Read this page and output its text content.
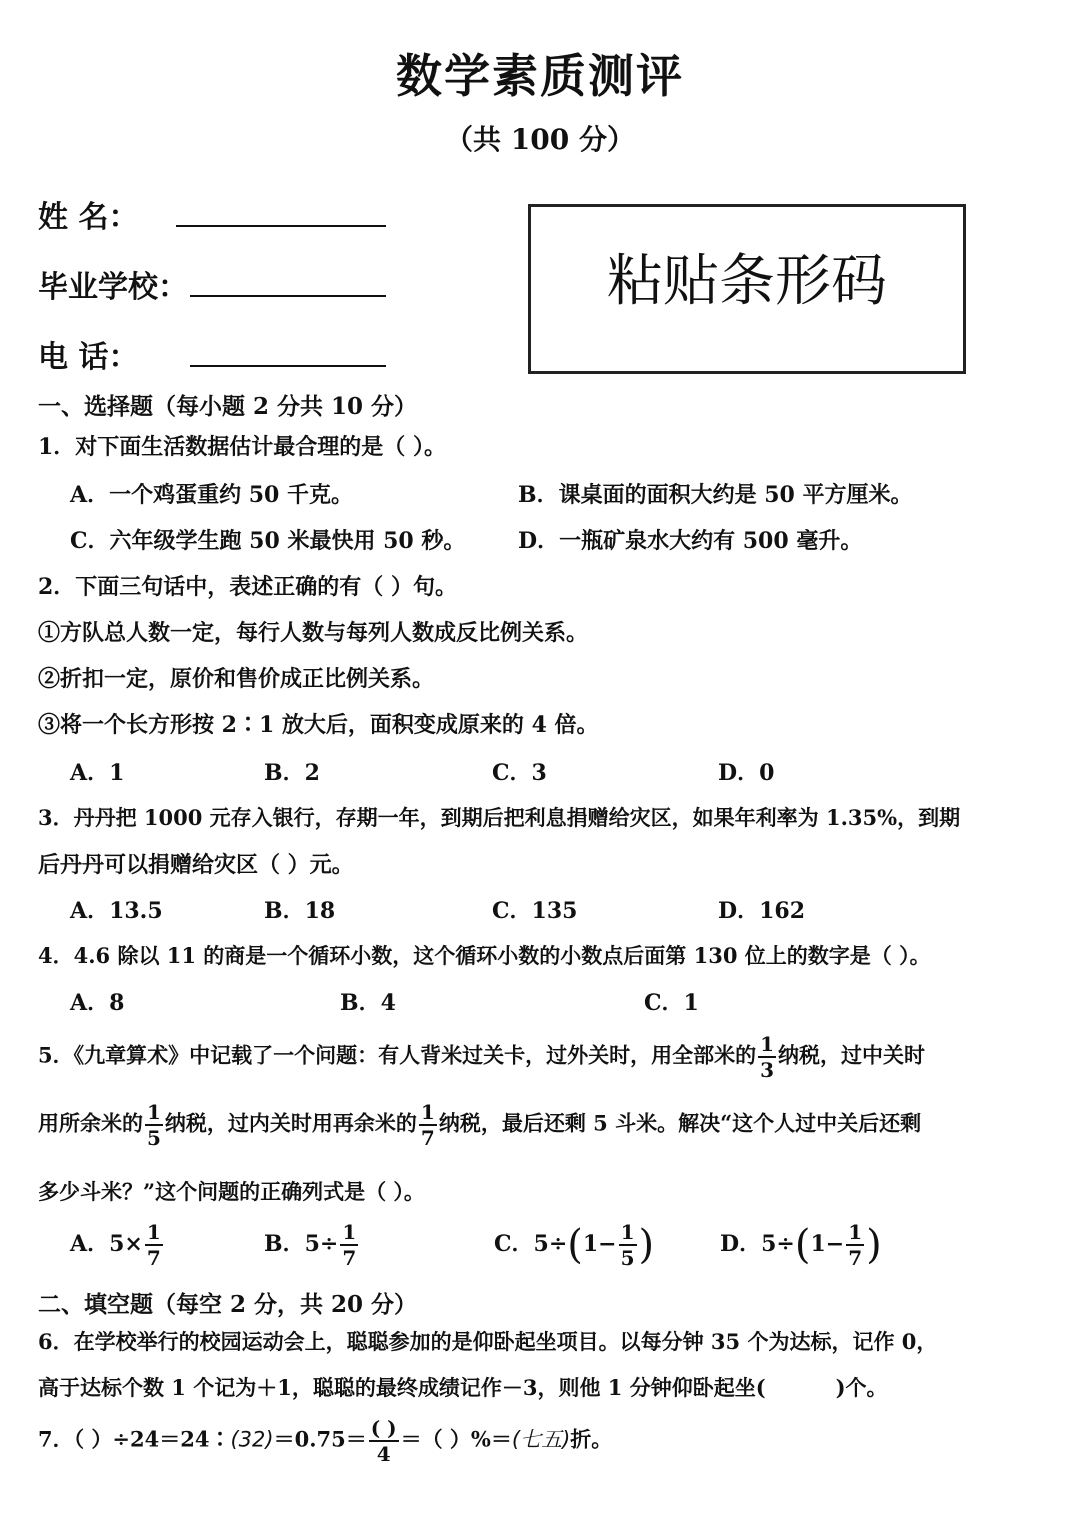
数学素质测评
（共 100 分）
姓 名：
毕业学校：
电 话：
粘贴条形码
一、选择题（每小题 2 分共 10 分）
1．对下面生活数据估计最合理的是（ ）。
A．一个鸡蛋重约 50 千克。	B．课桌面的面积大约是 50 平方厘米。
C．六年级学生跑 50 米最快用 50 秒。 D．一瓶矿泉水大约有 500 毫升。
2．下面三句话中，表述正确的有（ ）句。
①方队总人数一定，每行人数与每列人数成反比例关系。
②折扣一定，原价和售价成正比例关系。
③将一个长方形按 2∶1 放大后，面积变成原来的 4 倍。
A．1	B．2	C．3	D．0
3．丹丹把 1000 元存入银行，存期一年，到期后把利息捐赠给灾区，如果年利率为 1.35%，到期
后丹丹可以捐赠给灾区（ ）元。
A．13.5	B．18	C．135	D．162
4．4.6 除以 11 的商是一个循环小数，这个循环小数的小数点后面第 130 位上的数字是（ ）。
A．8	B．4	C．1
5．《九章算术》中记载了一个问题：有人背米过关卡，过外关时，用全部米的 $\frac{1}{3}$ 纳税，过中关时
用所余米的 $\frac{1}{5}$ 纳税，过内关时用再余米的 $\frac{1}{7}$ 纳税，最后还剩 5 斗米。解决“这个人过中关后还剩
多少斗米？”这个问题的正确列式是（ ）。
A．$5\times \frac{1}{7}$	B．$5\div \frac{1}{7}$	C．$5\div(1- \frac{1}{5}$ )	D．$5\div(1- \frac{1}{7}$ )
二、填空题（每空 2 分，共 20 分）
6．在学校举行的校园运动会上，聪聪参加的是仰卧起坐项目。以每分钟 35 个为达标，记作 0，
高于达标个数 1 个记为＋1，聪聪的最终成绩记作－3，则他 1 分钟仰卧起坐(	)个。
7．（ ）÷24＝24∶(32)＝0.75＝ $\frac{( )}{4}$ ＝（ ）%＝(七五)折。
